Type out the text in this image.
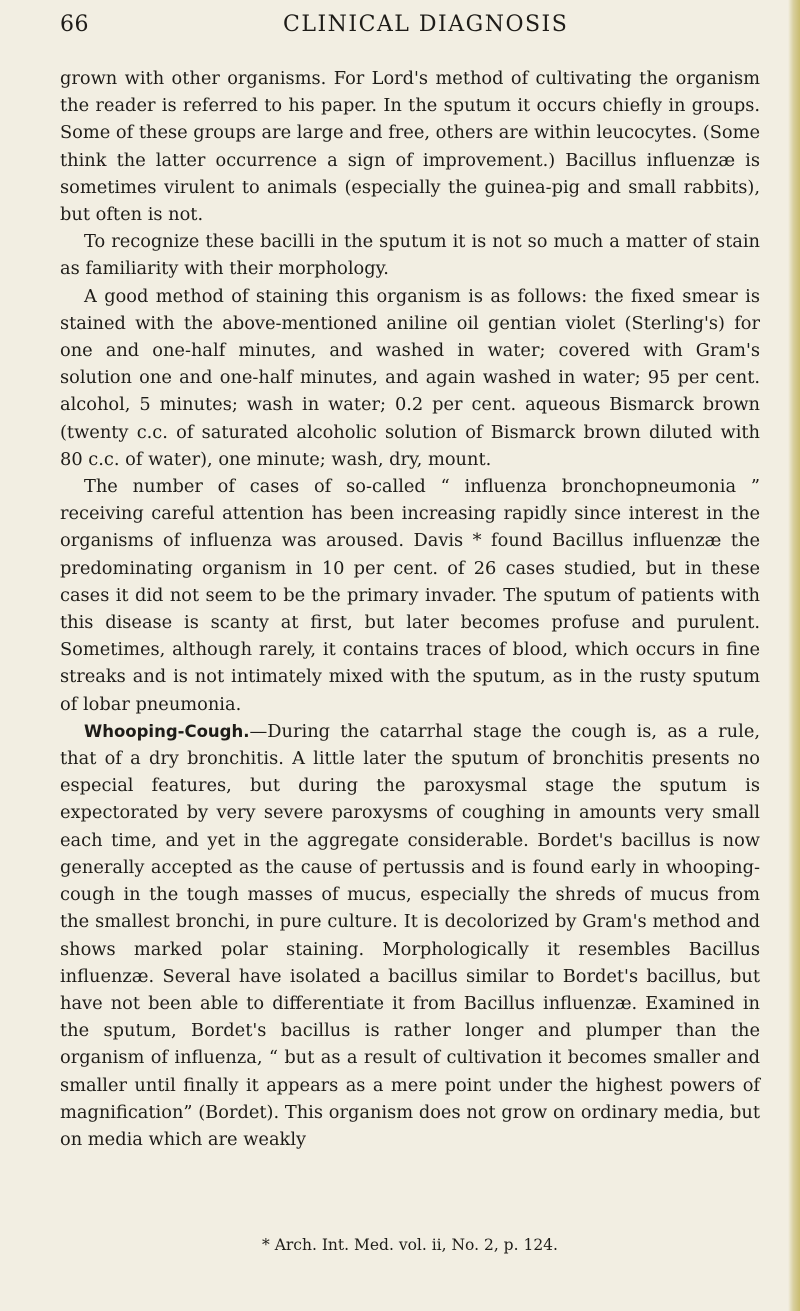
66	CLINICAL DIAGNOSIS

grown with other organisms. For Lord's method of cultivating the organism the reader is referred to his paper. In the sputum it occurs chiefly in groups. Some of these groups are large and free, others are within leucocytes. (Some think the latter occurrence a sign of improvement.) Bacillus influenzæ is sometimes virulent to animals (especially the guinea-pig and small rabbits), but often is not.

To recognize these bacilli in the sputum it is not so much a matter of stain as familiarity with their morphology.

A good method of staining this organism is as follows: the fixed smear is stained with the above-mentioned aniline oil gentian violet (Sterling's) for one and one-half minutes, and washed in water; covered with Gram's solution one and one-half minutes, and again washed in water; 95 per cent. alcohol, 5 minutes; wash in water; 0.2 per cent. aqueous Bismarck brown (twenty c.c. of saturated alcoholic solution of Bismarck brown diluted with 80 c.c. of water), one minute; wash, dry, mount.

The number of cases of so-called “ influenza bronchopneumonia ” receiving careful attention has been increasing rapidly since interest in the organisms of influenza was aroused. Davis * found Bacillus influenzæ the predominating organism in 10 per cent. of 26 cases studied, but in these cases it did not seem to be the primary invader. The sputum of patients with this disease is scanty at first, but later becomes profuse and purulent. Sometimes, although rarely, it contains traces of blood, which occurs in fine streaks and is not intimately mixed with the sputum, as in the rusty sputum of lobar pneumonia.

Whooping-Cough.—During the catarrhal stage the cough is, as a rule, that of a dry bronchitis. A little later the sputum of bronchitis presents no especial features, but during the paroxysmal stage the sputum is expectorated by very severe paroxysms of coughing in amounts very small each time, and yet in the aggregate considerable. Bordet's bacillus is now generally accepted as the cause of pertussis and is found early in whooping-cough in the tough masses of mucus, especially the shreds of mucus from the smallest bronchi, in pure culture. It is decolorized by Gram's method and shows marked polar staining. Morphologically it resembles Bacillus influenzæ. Several have isolated a bacillus similar to Bordet's bacillus, but have not been able to differentiate it from Bacillus influenzæ. Examined in the sputum, Bordet's bacillus is rather longer and plumper than the organism of influenza, “ but as a result of cultivation it becomes smaller and smaller until finally it appears as a mere point under the highest powers of magnification” (Bordet). This organism does not grow on ordinary media, but on media which are weakly

* Arch. Int. Med. vol. ii, No. 2, p. 124.
